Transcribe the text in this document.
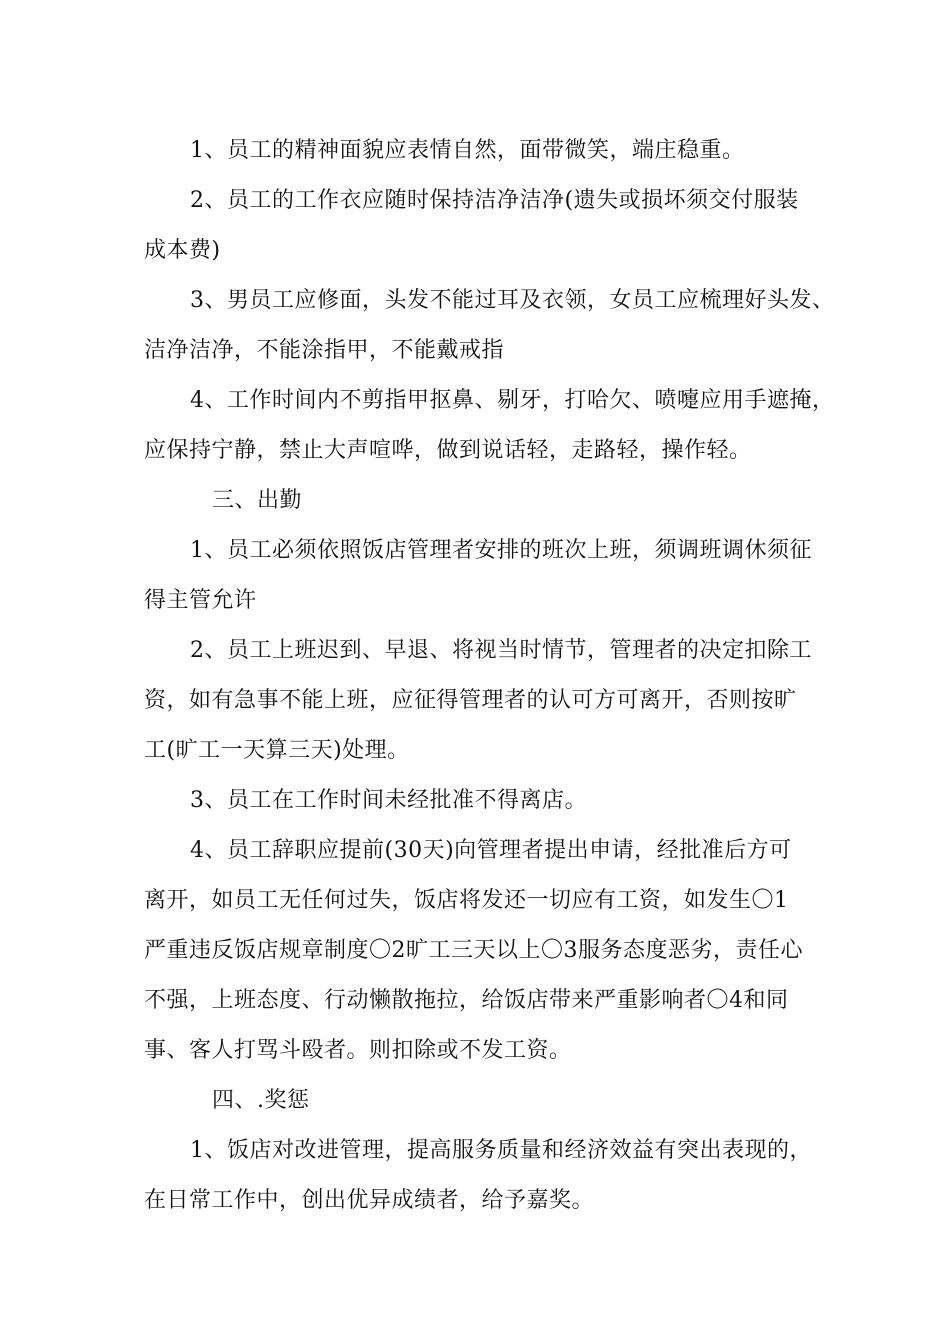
1、员工的精神面貌应表情自然，面带微笑，端庄稳重。
2、员工的工作衣应随时保持洁净洁净(遗失或损坏须交付服装
成本费)
3、男员工应修面，头发不能过耳及衣领，女员工应梳理好头发、
洁净洁净，不能涂指甲，不能戴戒指
4、工作时间内不剪指甲抠鼻、剔牙，打哈欠、喷嚏应用手遮掩，
应保持宁静，禁止大声喧哗，做到说话轻，走路轻，操作轻。
三、出勤
1、员工必须依照饭店管理者安排的班次上班，须调班调休须征
得主管允许
2、员工上班迟到、早退、将视当时情节，管理者的决定扣除工
资，如有急事不能上班，应征得管理者的认可方可离开，否则按旷
工(旷工一天算三天)处理。
3、员工在工作时间未经批准不得离店。
4、员工辞职应提前(30天)向管理者提出申请，经批准后方可
离开，如员工无任何过失，饭店将发还一切应有工资，如发生〇1
严重违反饭店规章制度〇2旷工三天以上〇3服务态度恶劣，责任心
不强，上班态度、行动懒散拖拉，给饭店带来严重影响者〇4和同
事、客人打骂斗殴者。则扣除或不发工资。
四、.奖惩
1、饭店对改进管理，提高服务质量和经济效益有突出表现的，
在日常工作中，创出优异成绩者，给予嘉奖。
